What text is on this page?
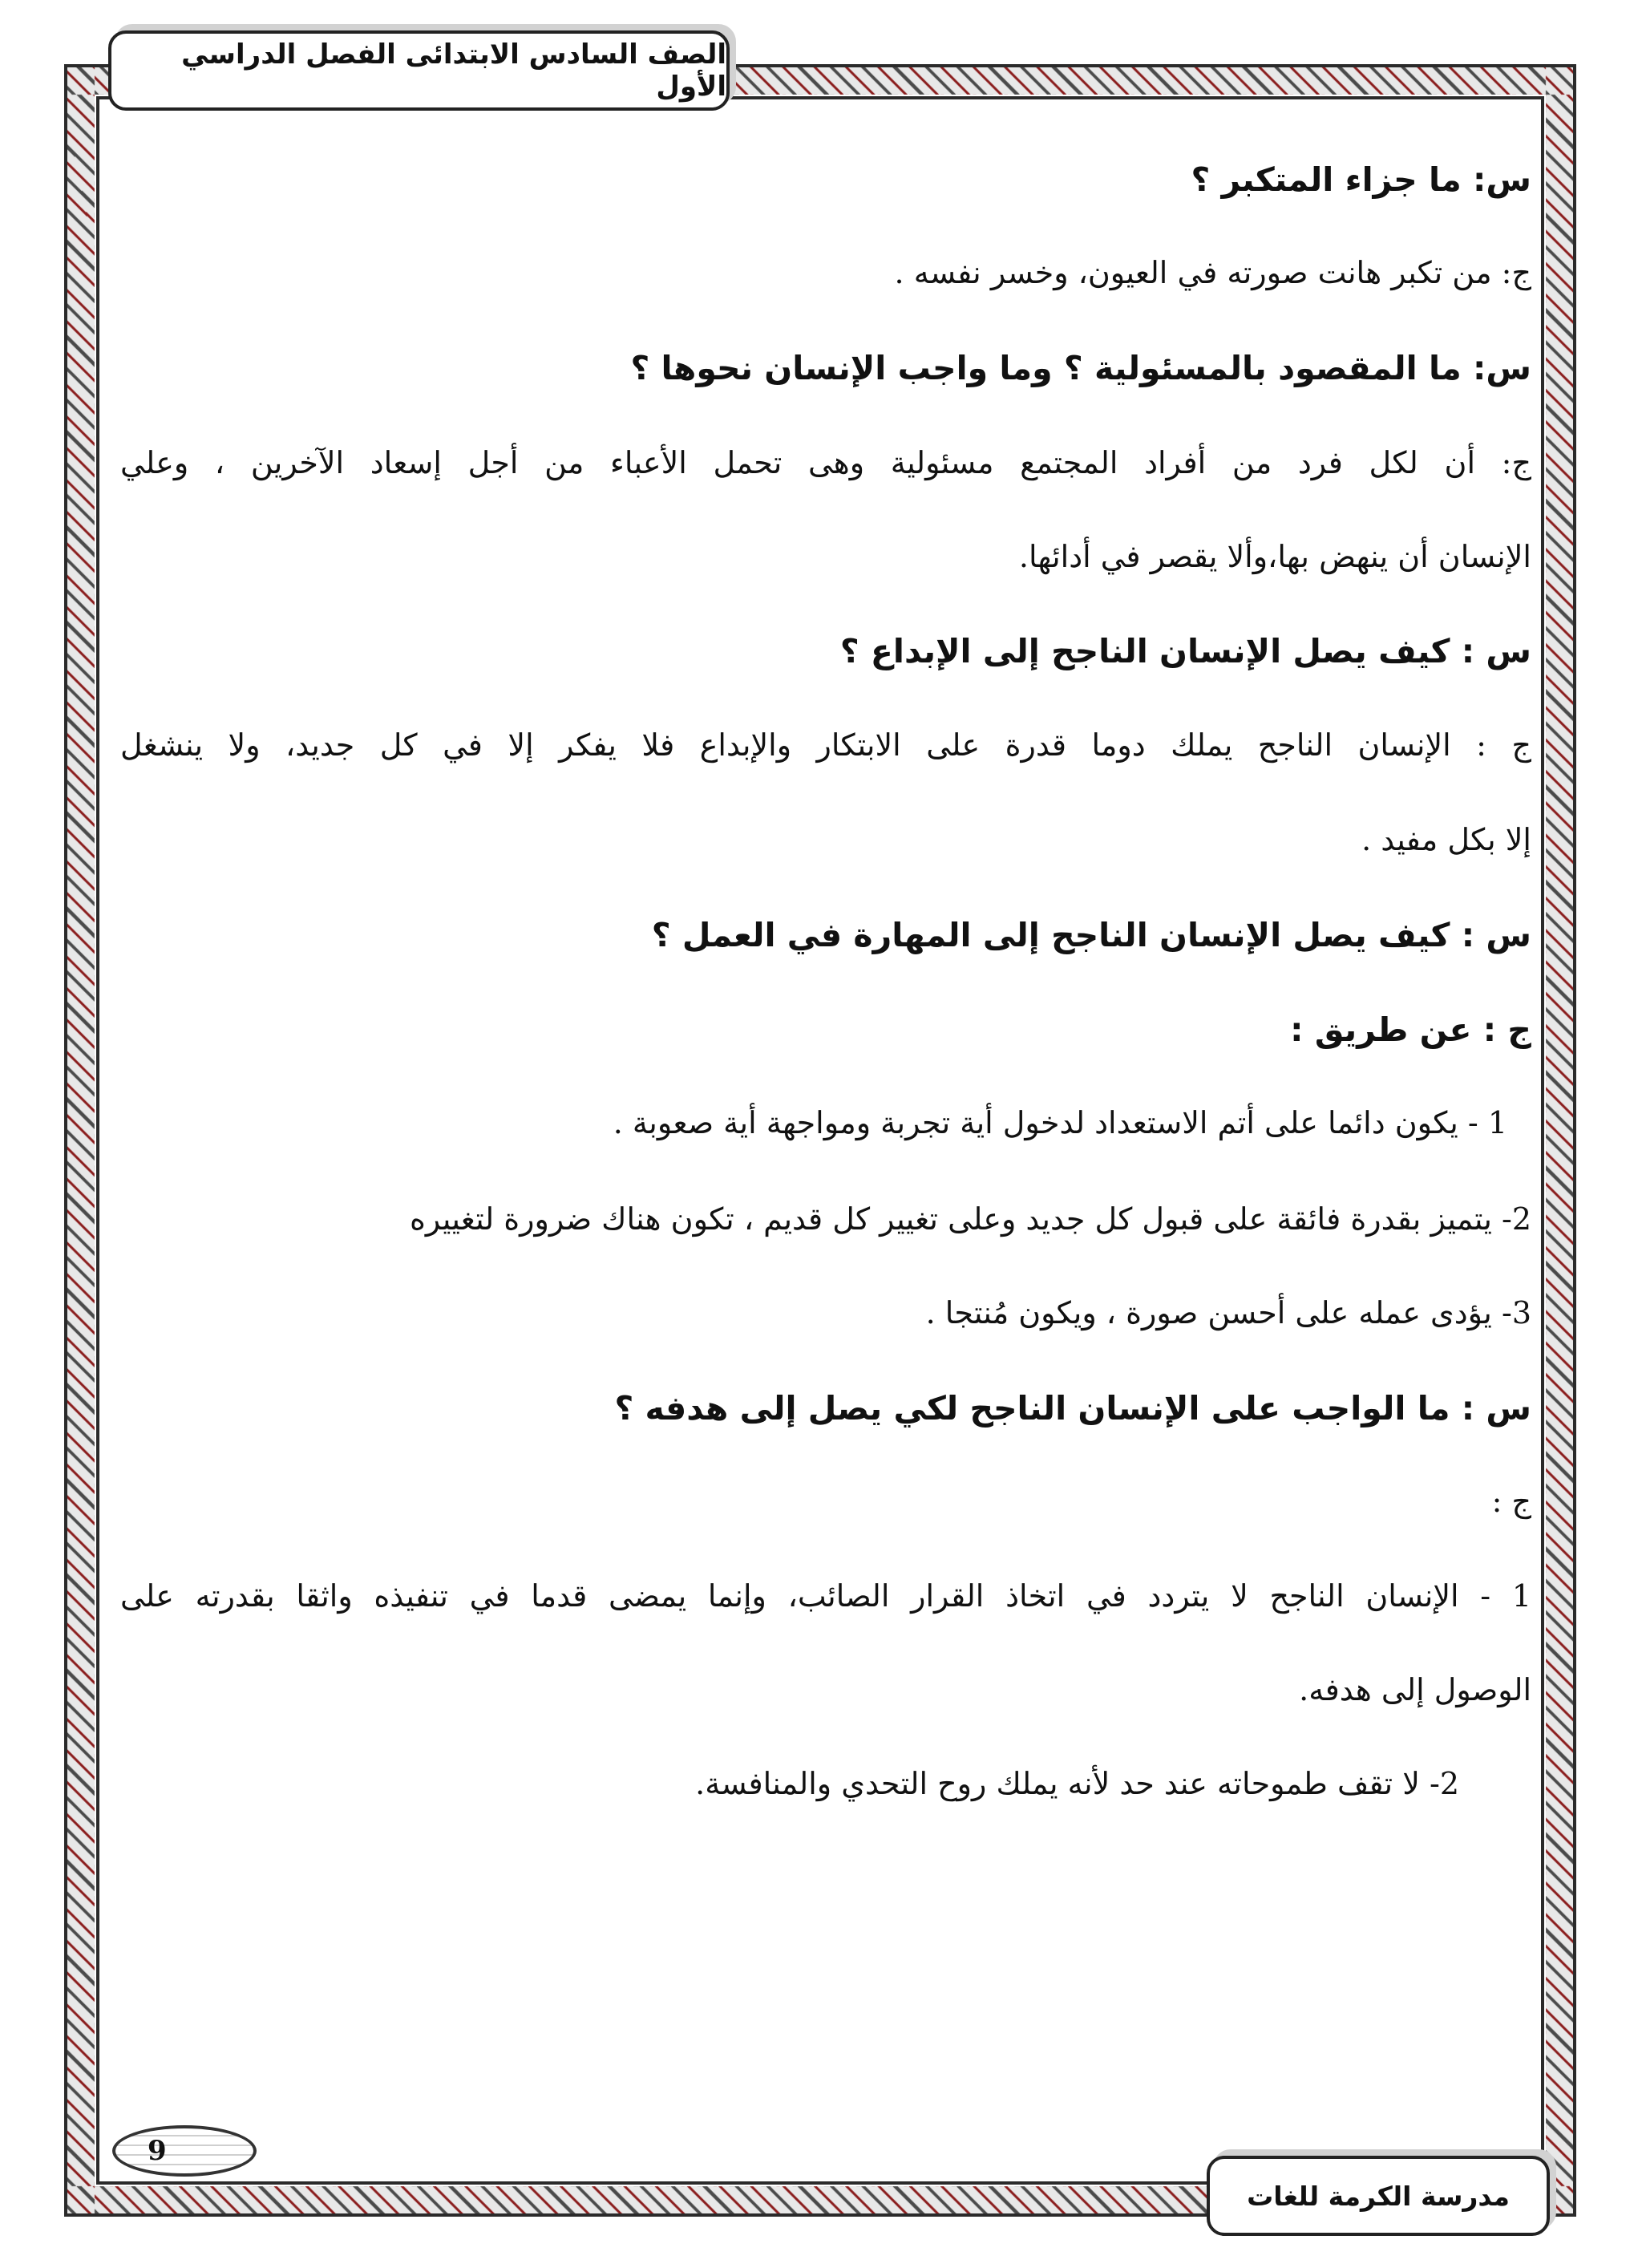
الصف السادس الابتدائى الفصل الدراسي الأول
س: ما جزاء المتكبر ؟
ج: من تكبر هانت صورته في العيون، وخسر نفسه .
س: ما المقصود بالمسئولية ؟ وما واجب الإنسان نحوها ؟
ج: أن لكل فرد من أفراد المجتمع مسئولية وهى تحمل الأعباء من أجل إسعاد الآخرين ، وعلي
الإنسان أن ينهض بها،وألا يقصر في أدائها.
س : كيف يصل الإنسان الناجح إلى الإبداع ؟
ج : الإنسان الناجح يملك دوما قدرة على الابتكار والإبداع فلا يفكر إلا في كل جديد، ولا ينشغل
إلا بكل مفيد .
س : كيف يصل الإنسان الناجح إلى المهارة في العمل ؟
ج : عن طريق :
1 - يكون دائما على أتم الاستعداد لدخول أية تجربة ومواجهة أية صعوبة .
2- يتميز بقدرة فائقة على قبول كل جديد وعلى تغيير كل قديم ، تكون هناك ضرورة لتغييره
3- يؤدى عمله على أحسن صورة ، ويكون مُنتجا .
س : ما الواجب على الإنسان الناجح لكي يصل إلى هدفه ؟
ج :
1 - الإنسان الناجح لا يتردد في اتخاذ القرار الصائب، وإنما يمضى قدما في تنفيذه واثقا بقدرته على
الوصول إلى هدفه.
2- لا تقف طموحاته عند حد لأنه يملك روح التحدي والمنافسة.
9
مدرسة الكرمة للغات
